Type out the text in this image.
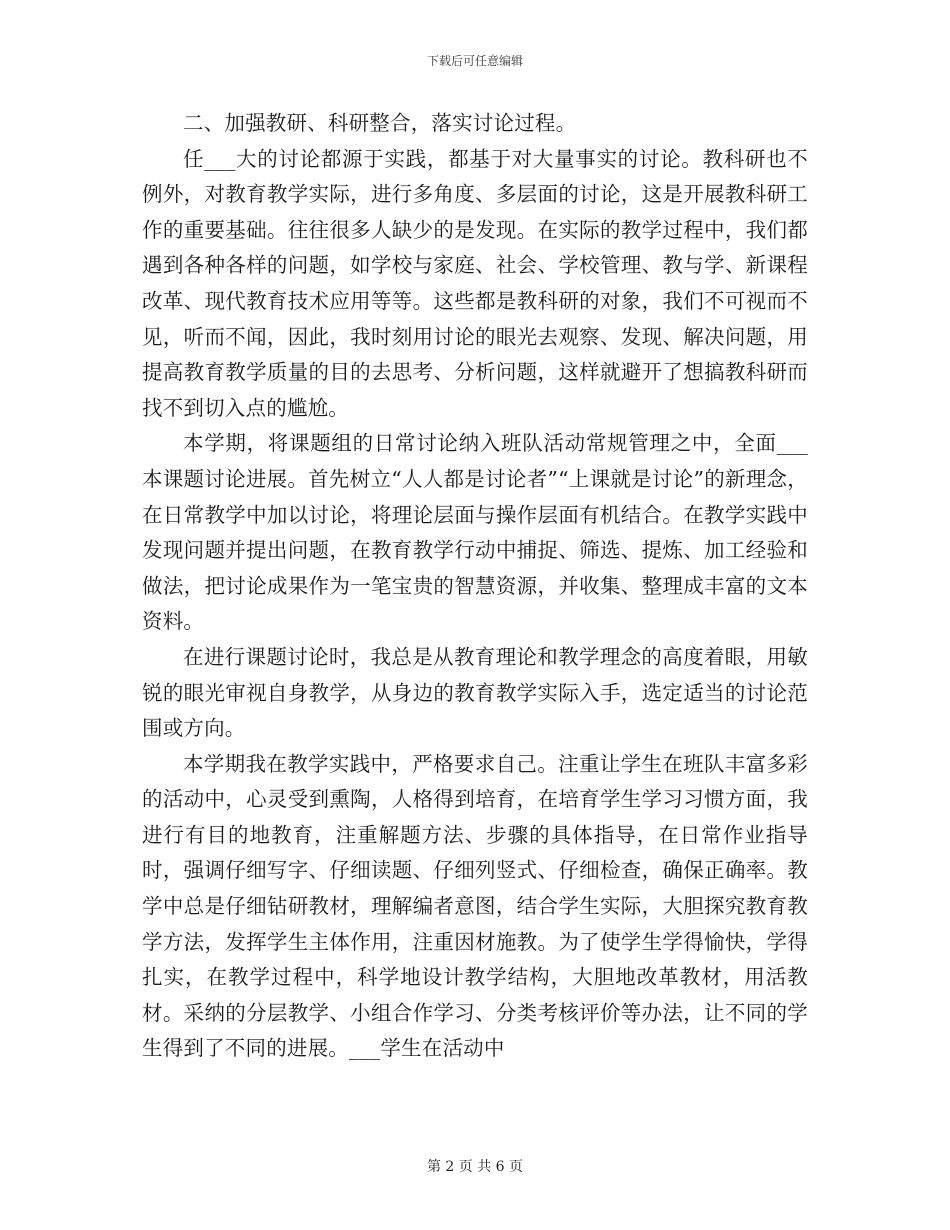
下载后可任意编辑

二、加强教研、科研整合，落实讨论过程。

任___大的讨论都源于实践，都基于对大量事实的讨论。教科研也不例外，对教育教学实际，进行多角度、多层面的讨论，这是开展教科研工作的重要基础。往往很多人缺少的是发现。在实际的教学过程中，我们都遇到各种各样的问题，如学校与家庭、社会、学校管理、教与学、新课程改革、现代教育技术应用等等。这些都是教科研的对象，我们不可视而不见，听而不闻，因此，我时刻用讨论的眼光去观察、发现、解决问题，用提高教育教学质量的目的去思考、分析问题，这样就避开了想搞教科研而找不到切入点的尴尬。

本学期，将课题组的日常讨论纳入班队活动常规管理之中，全面___本课题讨论进展。首先树立“人人都是讨论者”“上课就是讨论”的新理念，在日常教学中加以讨论，将理论层面与操作层面有机结合。在教学实践中发现问题并提出问题，在教育教学行动中捕捉、筛选、提炼、加工经验和做法，把讨论成果作为一笔宝贵的智慧资源，并收集、整理成丰富的文本资料。

在进行课题讨论时，我总是从教育理论和教学理念的高度着眼，用敏锐的眼光审视自身教学，从身边的教育教学实际入手，选定适当的讨论范围或方向。

本学期我在教学实践中，严格要求自己。注重让学生在班队丰富多彩的活动中，心灵受到熏陶，人格得到培育，在培育学生学习习惯方面，我进行有目的地教育，注重解题方法、步骤的具体指导，在日常作业指导时，强调仔细写字、仔细读题、仔细列竖式、仔细检查，确保正确率。教学中总是仔细钻研教材，理解编者意图，结合学生实际，大胆探究教育教学方法，发挥学生主体作用，注重因材施教。为了使学生学得愉快，学得扎实，在教学过程中，科学地设计教学结构，大胆地改革教材，用活教材。采纳的分层教学、小组合作学习、分类考核评价等办法，让不同的学生得到了不同的进展。___学生在活动中

第 2 页 共 6 页
